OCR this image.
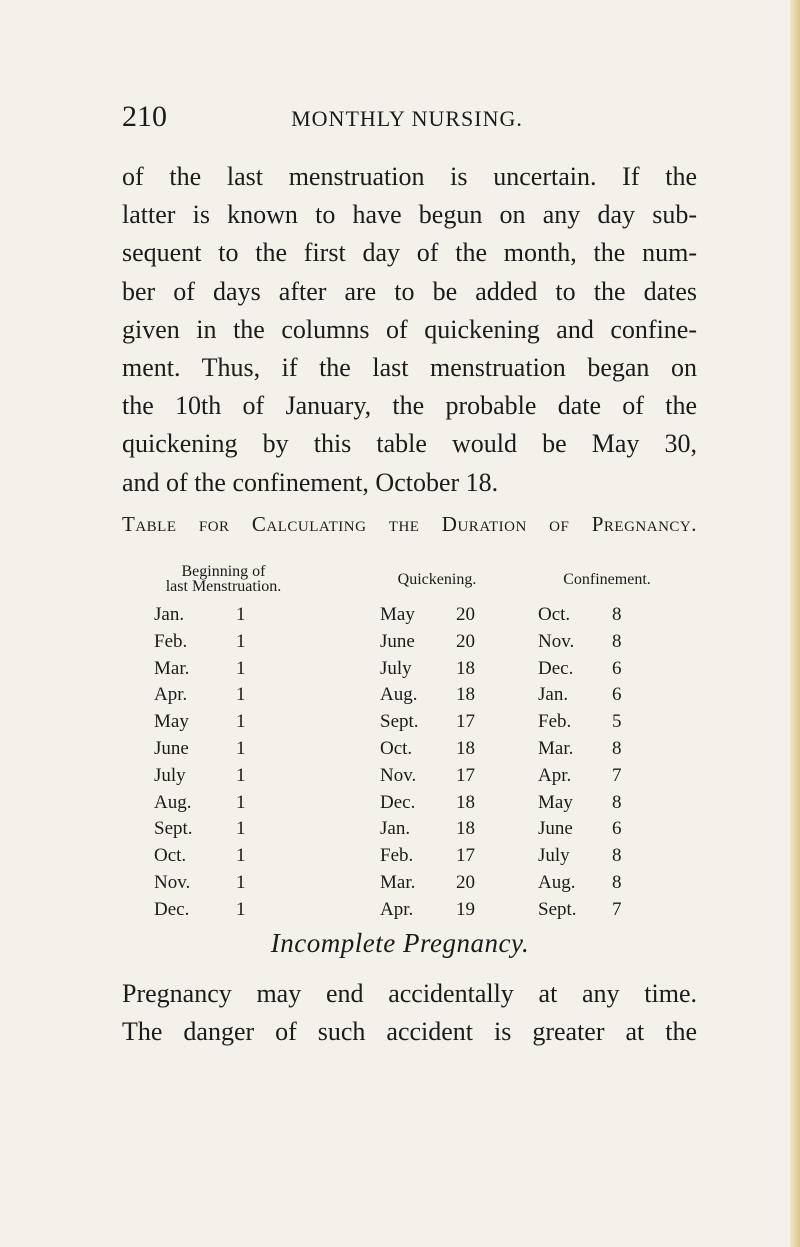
210	MONTHLY NURSING.
of the last menstruation is uncertain. If the
latter is known to have begun on any day sub-
sequent to the first day of the month, the num-
ber of days after are to be added to the dates
given in the columns of quickening and confine-
ment. Thus, if the last menstruation began on
the 10th of January, the probable date of the
quickening by this table would be May 30,
and of the confinement, October 18.
Table for Calculating the Duration of Pregnancy.
Beginning of
last Menstruation.	Quickening.	Confinement.
Jan.	1	May 20	Oct. 8
Feb.	1	June 20	Nov. 8
Mar. 1	July 18	Dec. 6
Apr.	1	Aug. 18	Jan. 6
May 1	Sept. 17	Feb. 5
June 1	Oct. 18	Mar. 8
July	1	Nov. 17	Apr. 7
Aug. 1	Dec. 18	May 8
Sept. 1	Jan. 18	June 6
Oct.	1	Feb. 17	July 8
Nov. 1	Mar. 20	Aug. 8
Dec. 1	Apr. 19	Sept. 7
Incomplete Pregnancy.
Pregnancy may end accidentally at any time.
The danger of such accident is greater at the
